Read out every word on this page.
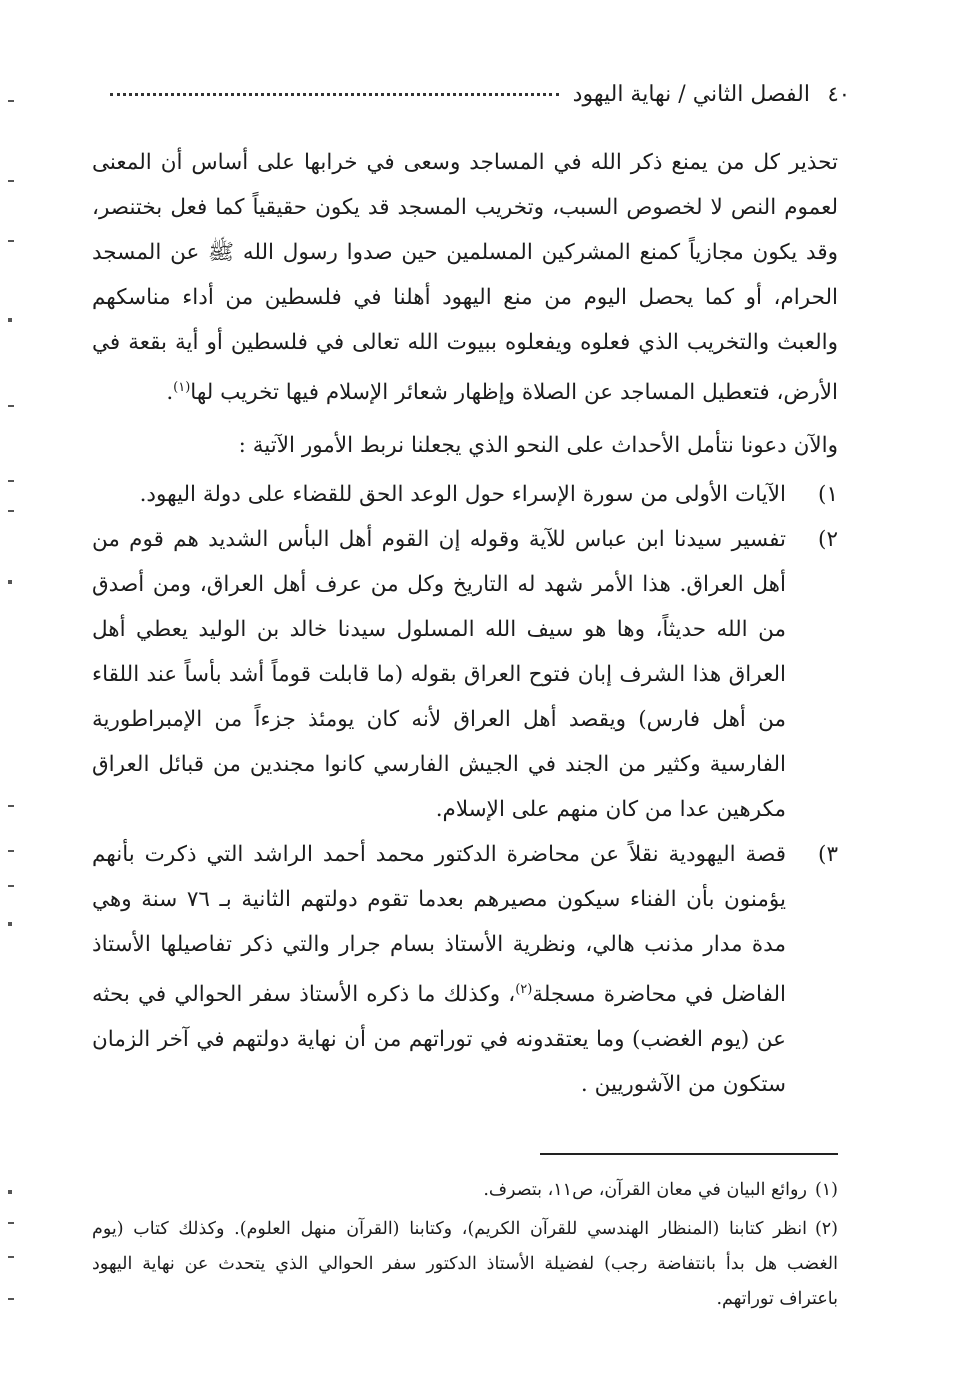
٤٠
الفصل الثاني / نهاية اليهود

تحذير كل من يمنع ذكر الله في المساجد وسعى في خرابها على أساس أن المعنى لعموم النص لا لخصوص السبب، وتخريب المسجد قد يكون حقيقياً كما فعل بختنصر، وقد يكون مجازياً كمنع المشركين المسلمين حين صدوا رسول الله ﷺ عن المسجد الحرام، أو كما يحصل اليوم من منع اليهود أهلنا في فلسطين من أداء مناسكهم والعبث والتخريب الذي فعلوه ويفعلوه ببيوت الله تعالى في فلسطين أو أية بقعة في الأرض، فتعطيل المساجد عن الصلاة وإظهار شعائر الإسلام فيها تخريب لها$^{(١)}$.

والآن دعونا نتأمل الأحداث على النحو الذي يجعلنا نربط الأمور الآتية :

١)
الآيات الأولى من سورة الإسراء حول الوعد الحق للقضاء على دولة اليهود.
٢)
تفسير سيدنا ابن عباس للآية وقوله إن القوم أهل البأس الشديد هم قوم من أهل العراق. هذا الأمر شهد له التاريخ وكل من عرف أهل العراق، ومن أصدق من الله حديثاً، وها هو سيف الله المسلول سيدنا خالد بن الوليد يعطي أهل العراق هذا الشرف إبان فتوح العراق بقوله (ما قابلت قوماً أشد بأساً عند اللقاء من أهل فارس) ويقصد أهل العراق لأنه كان يومئذ جزءاً من الإمبراطورية الفارسية وكثير من الجند في الجيش الفارسي كانوا مجندين من قبائل العراق مكرهين عدا من كان منهم على الإسلام.
٣)
قصة اليهودية نقلاً عن محاضرة الدكتور محمد أحمد الراشد التي ذكرت بأنهم يؤمنون بأن الفناء سيكون مصيرهم بعدما تقوم دولتهم الثانية بـ ٧٦ سنة وهي مدة مدار مذنب هالي، ونظرية الأستاذ بسام جرار والتي ذكر تفاصيلها الأستاذ الفاضل في محاضرة مسجلة$^{(٢)}$، وكذلك ما ذكره الأستاذ سفر الحوالي في بحثه عن (يوم الغضب) وما يعتقدونه في توراتهم من أن نهاية دولتهم في آخر الزمان ستكون من الآشوريين .

(١)روائع البيان في معان القرآن، ص١١، بتصرف.

(٢)انظر كتابنا (المنظار الهندسي للقرآن الكريم)، وكتابنا (القرآن منهل العلوم). وكذلك كتاب (يوم الغضب هل بدأ بانتفاضة رجب) لفضيلة الأستاذ الدكتور سفر الحوالي الذي يتحدث عن نهاية اليهود باعتراف توراتهم.
